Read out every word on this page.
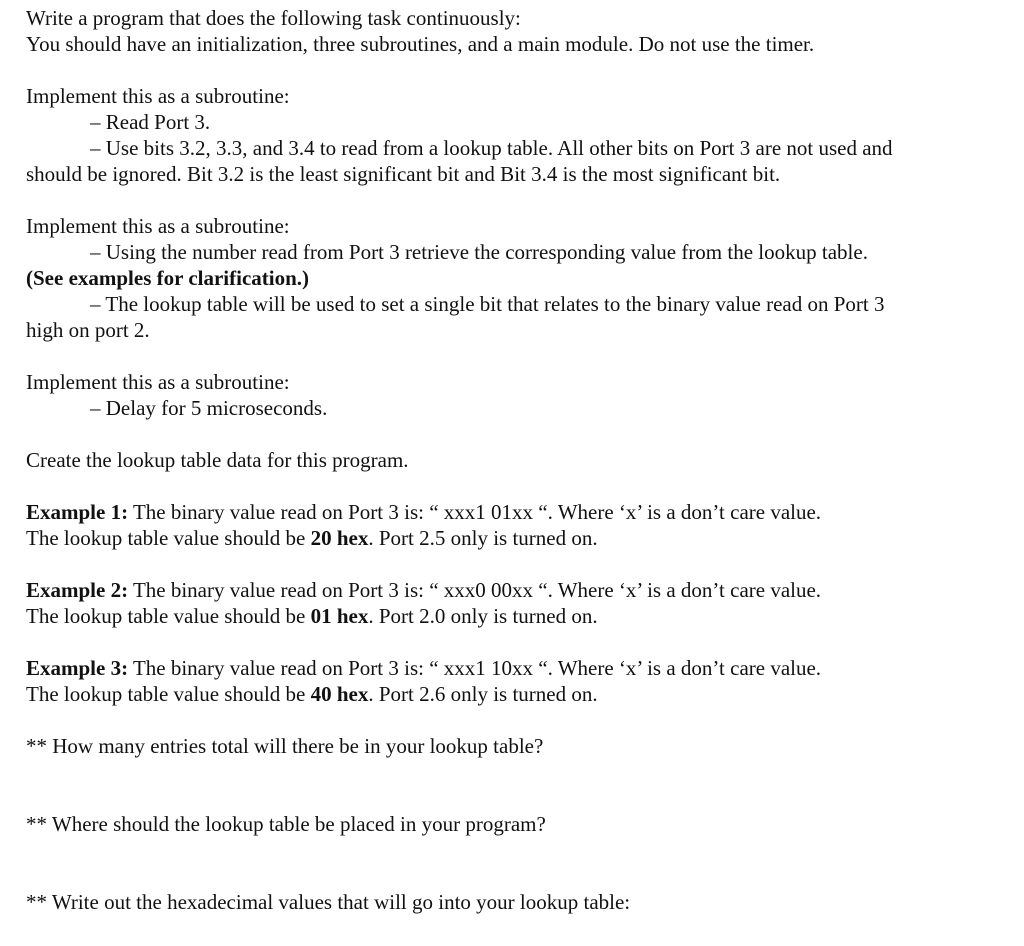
Write a program that does the following task continuously:
You should have an initialization, three subroutines, and a main module. Do not use the timer.
Implement this as a subroutine:
– Read Port 3.
– Use bits 3.2, 3.3, and 3.4 to read from a lookup table. All other bits on Port 3 are not used and
should be ignored. Bit 3.2 is the least significant bit and Bit 3.4 is the most significant bit.
Implement this as a subroutine:
– Using the number read from Port 3 retrieve the corresponding value from the lookup table.
(See examples for clarification.)
– The lookup table will be used to set a single bit that relates to the binary value read on Port 3
high on port 2.
Implement this as a subroutine:
– Delay for 5 microseconds.
Create the lookup table data for this program.
Example 1: The binary value read on Port 3 is: “ xxx1 01xx “. Where ‘x’ is a don’t care value.
The lookup table value should be 20 hex. Port 2.5 only is turned on.
Example 2: The binary value read on Port 3 is: “ xxx0 00xx “. Where ‘x’ is a don’t care value.
The lookup table value should be 01 hex. Port 2.0 only is turned on.
Example 3: The binary value read on Port 3 is: “ xxx1 10xx “. Where ‘x’ is a don’t care value.
The lookup table value should be 40 hex. Port 2.6 only is turned on.
** How many entries total will there be in your lookup table?
** Where should the lookup table be placed in your program?
** Write out the hexadecimal values that will go into your lookup table:
